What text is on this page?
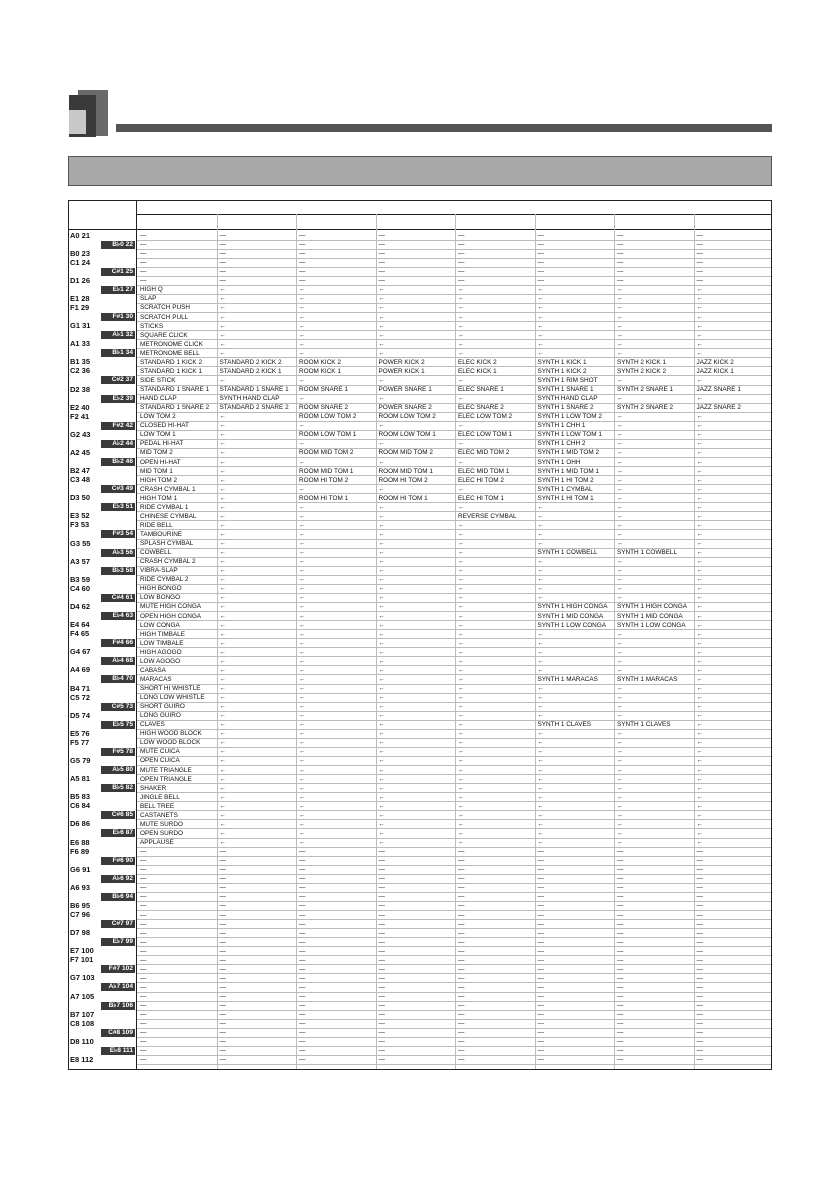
A0 21	—	—	—	—	—	—	—	—
B♭0 22	—	—	—	—	—	—	—	—
B0 23	—	—	—	—	—	—	—	—
C1 24	—	—	—	—	—	—	—	—
C#1 25	—	—	—	—	—	—	—	—
D1 26	—	—	—	—	—	—	—	—
E♭1 27	HIGH Q	←	←	←	←	←	←	←
E1 28	SLAP	←	←	←	←	←	←	←
F1 29	SCRATCH PUSH	←	←	←	←	←	←	←
F#1 30	SCRATCH PULL	←	←	←	←	←	←	←
G1 31	STICKS	←	←	←	←	←	←	←
A♭1 32	SQUARE CLICK	←	←	←	←	←	←	←
A1 33	METRONOME CLICK	←	←	←	←	←	←	←
B♭1 34	METRONOME BELL	←	←	←	←	←	←	←
B1 35	STANDARD 1 KICK 2	STANDARD 2 KICK 2	ROOM KICK 2	POWER KICK 2	ELEC KICK 2	SYNTH 1 KICK 1	SYNTH 2 KICK 1	JAZZ KICK 2
C2 36	STANDARD 1 KICK 1	STANDARD 2 KICK 1	ROOM KICK 1	POWER KICK 1	ELEC KICK 1	SYNTH 1 KICK 2	SYNTH 2 KICK 2	JAZZ KICK 1
C#2 37	SIDE STICK	←	←	←	←	SYNTH 1 RIM SHOT	←	←
D2 38	STANDARD 1 SNARE 1	STANDARD 1 SNARE 1	ROOM SNARE 1	POWER SNARE 1	ELEC SNARE 1	SYNTH 1 SNARE 1	SYNTH 2 SNARE 1	JAZZ SNARE 1
E♭2 39	HAND CLAP	SYNTH HAND CLAP	←	←	←	SYNTH HAND CLAP	←	←
E2 40	STANDARD 1 SNARE 2	STANDARD 2 SNARE 2	ROOM SNARE 2	POWER SNARE 2	ELEC SNARE 2	SYNTH 1 SNARE 2	SYNTH 2 SNARE 2	JAZZ SNARE 2
F2 41	LOW TOM 2	←	ROOM LOW TOM 2	ROOM LOW TOM 2	ELEC LOW TOM 2	SYNTH 1 LOW TOM 2	←	←
F#2 42	CLOSED HI-HAT	←	←	←	←	SYNTH 1 CHH 1	←	←
G2 43	LOW TOM 1	←	ROOM LOW TOM 1	ROOM LOW TOM 1	ELEC LOW TOM 1	SYNTH 1 LOW TOM 1	←	←
A♭2 44	PEDAL HI-HAT	←	←	←	←	SYNTH 1 CHH 2	←	←
A2 45	MID TOM 2	←	ROOM MID TOM 2	ROOM MID TOM 2	ELEC MID TOM 2	SYNTH 1 MID TOM 2	←	←
B♭2 46	OPEN HI-HAT	←	←	←	←	SYNTH 1 OHH	←	←
B2 47	MID TOM 1	←	ROOM MID TOM 1	ROOM MID TOM 1	ELEC MID TOM 1	SYNTH 1 MID TOM 1	←	←
C3 48	HIGH TOM 2	←	ROOM HI TOM 2	ROOM HI TOM 2	ELEC HI TOM 2	SYNTH 1 HI TOM 2	←	←
C#3 49	CRASH CYMBAL 1	←	←	←	←	SYNTH 1 CYMBAL	←	←
D3 50	HIGH TOM 1	←	ROOM HI TOM 1	ROOM HI TOM 1	ELEC HI TOM 1	SYNTH 1 HI TOM 1	←	←
E♭3 51	RIDE CYMBAL 1	←	←	←	←	←	←	←
E3 52	CHINESE CYMBAL	←	←	←	REVERSE CYMBAL	←	←	←
F3 53	RIDE BELL	←	←	←	←	←	←	←
F#3 54	TAMBOURINE	←	←	←	←	←	←	←
G3 55	SPLASH CYMBAL	←	←	←	←	←	←	←
A♭3 56	COWBELL	←	←	←	←	SYNTH 1 COWBELL	SYNTH 1 COWBELL	←
A3 57	CRASH CYMBAL 2	←	←	←	←	←	←	←
B♭3 58	VIBRA-SLAP	←	←	←	←	←	←	←
B3 59	RIDE CYMBAL 2	←	←	←	←	←	←	←
C4 60	HIGH BONGO	←	←	←	←	←	←	←
C#4 61	LOW BONGO	←	←	←	←	←	←	←
D4 62	MUTE HIGH CONGA	←	←	←	←	SYNTH 1 HIGH CONGA	SYNTH 1 HIGH CONGA	←
E♭4 63	OPEN HIGH CONGA	←	←	←	←	SYNTH 1 MID CONGA	SYNTH 1 MID CONGA	←
E4 64	LOW CONGA	←	←	←	←	SYNTH 1 LOW CONGA	SYNTH 1 LOW CONGA	←
F4 65	HIGH TIMBALE	←	←	←	←	←	←	←
F#4 66	LOW TIMBALE	←	←	←	←	←	←	←
G4 67	HIGH AGOGO	←	←	←	←	←	←	←
A♭4 68	LOW AGOGO	←	←	←	←	←	←	←
A4 69	CABASA	←	←	←	←	←	←	←
B♭4 70	MARACAS	←	←	←	←	SYNTH 1 MARACAS	SYNTH 1 MARACAS	←
B4 71	SHORT HI WHISTLE	←	←	←	←	←	←	←
C5 72	LONG LOW WHISTLE	←	←	←	←	←	←	←
C#5 73	SHORT GUIRO	←	←	←	←	←	←	←
D5 74	LONG GUIRO	←	←	←	←	←	←	←
E♭5 75	CLAVES	←	←	←	←	SYNTH 1 CLAVES	SYNTH 1 CLAVES	←
E5 76	HIGH WOOD BLOCK	←	←	←	←	←	←	←
F5 77	LOW WOOD BLOCK	←	←	←	←	←	←	←
F#5 78	MUTE CUICA	←	←	←	←	←	←	←
G5 79	OPEN CUICA	←	←	←	←	←	←	←
A♭5 80	MUTE TRIANGLE	←	←	←	←	←	←	←
A5 81	OPEN TRIANGLE	←	←	←	←	←	←	←
B♭5 82	SHAKER	←	←	←	←	←	←	←
B5 83	JINGLE BELL	←	←	←	←	←	←	←
C6 84	BELL TREE	←	←	←	←	←	←	←
C#6 85	CASTANETS	←	←	←	←	←	←	←
D6 86	MUTE SURDO	←	←	←	←	←	←	←
E♭6 87	OPEN SURDO	←	←	←	←	←	←	←
E6 88	APPLAUSE	←	←	←	←	←	←	←
F6 89	—	—	—	—	—	—	—	—
F#6 90	—	—	—	—	—	—	—	—
G6 91	—	—	—	—	—	—	—	—
A♭6 92	—	—	—	—	—	—	—	—
A6 93	—	—	—	—	—	—	—	—
B♭6 94	—	—	—	—	—	—	—	—
B6 95	—	—	—	—	—	—	—	—
C7 96	—	—	—	—	—	—	—	—
C#7 97	—	—	—	—	—	—	—	—
D7 98	—	—	—	—	—	—	—	—
E♭7 99	—	—	—	—	—	—	—	—
E7 100	—	—	—	—	—	—	—	—
F7 101	—	—	—	—	—	—	—	—
F#7 102	—	—	—	—	—	—	—	—
G7 103	—	—	—	—	—	—	—	—
A♭7 104	—	—	—	—	—	—	—	—
A7 105	—	—	—	—	—	—	—	—
B♭7 106	—	—	—	—	—	—	—	—
B7 107	—	—	—	—	—	—	—	—
C8 108	—	—	—	—	—	—	—	—
C#8 109	—	—	—	—	—	—	—	—
D8 110	—	—	—	—	—	—	—	—
E♭8 111	—	—	—	—	—	—	—	—
E8 112	—	—	—	—	—	—	—	—
